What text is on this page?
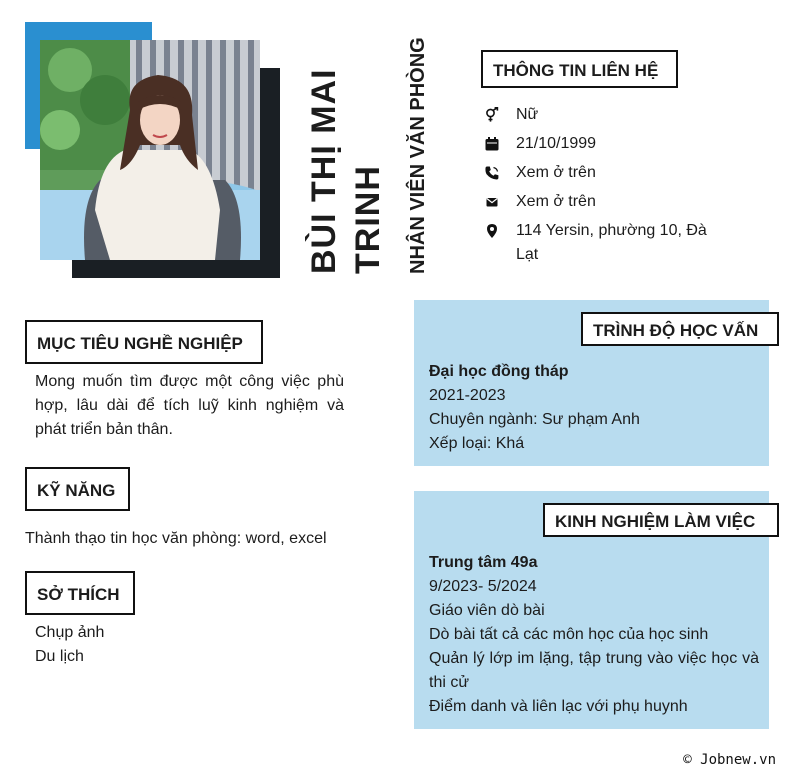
BÙI THỊ MAI TRINH	NHÂN VIÊN VĂN PHÒNG	THÔNG TIN LIÊN HỆ
Nữ
21/10/1999
Xem ở trên
Xem ở trên
114 Yersin, phường 10, Đà Lạt
MỤC TIÊU NGHỀ NGHIỆP
Mong muốn tìm được một công việc phù hợp, lâu dài để tích luỹ kinh nghiệm và phát triển bản thân.
KỸ NĂNG
Thành thạo tin học văn phòng: word, excel
SỞ THÍCH
Chụp ảnh
Du lịch
TRÌNH ĐỘ HỌC VẤN
Đại học đồng tháp
2021-2023
Chuyên ngành: Sư phạm Anh
Xếp loại: Khá
KINH NGHIỆM LÀM VIỆC
Trung tâm 49a
9/2023- 5/2024
Giáo viên dò bài
Dò bài tất cả các môn học của học sinh
Quản lý lớp im lặng, tập trung vào việc học và thi cử
Điểm danh và liên lạc với phụ huynh
© Jobnew.vn
